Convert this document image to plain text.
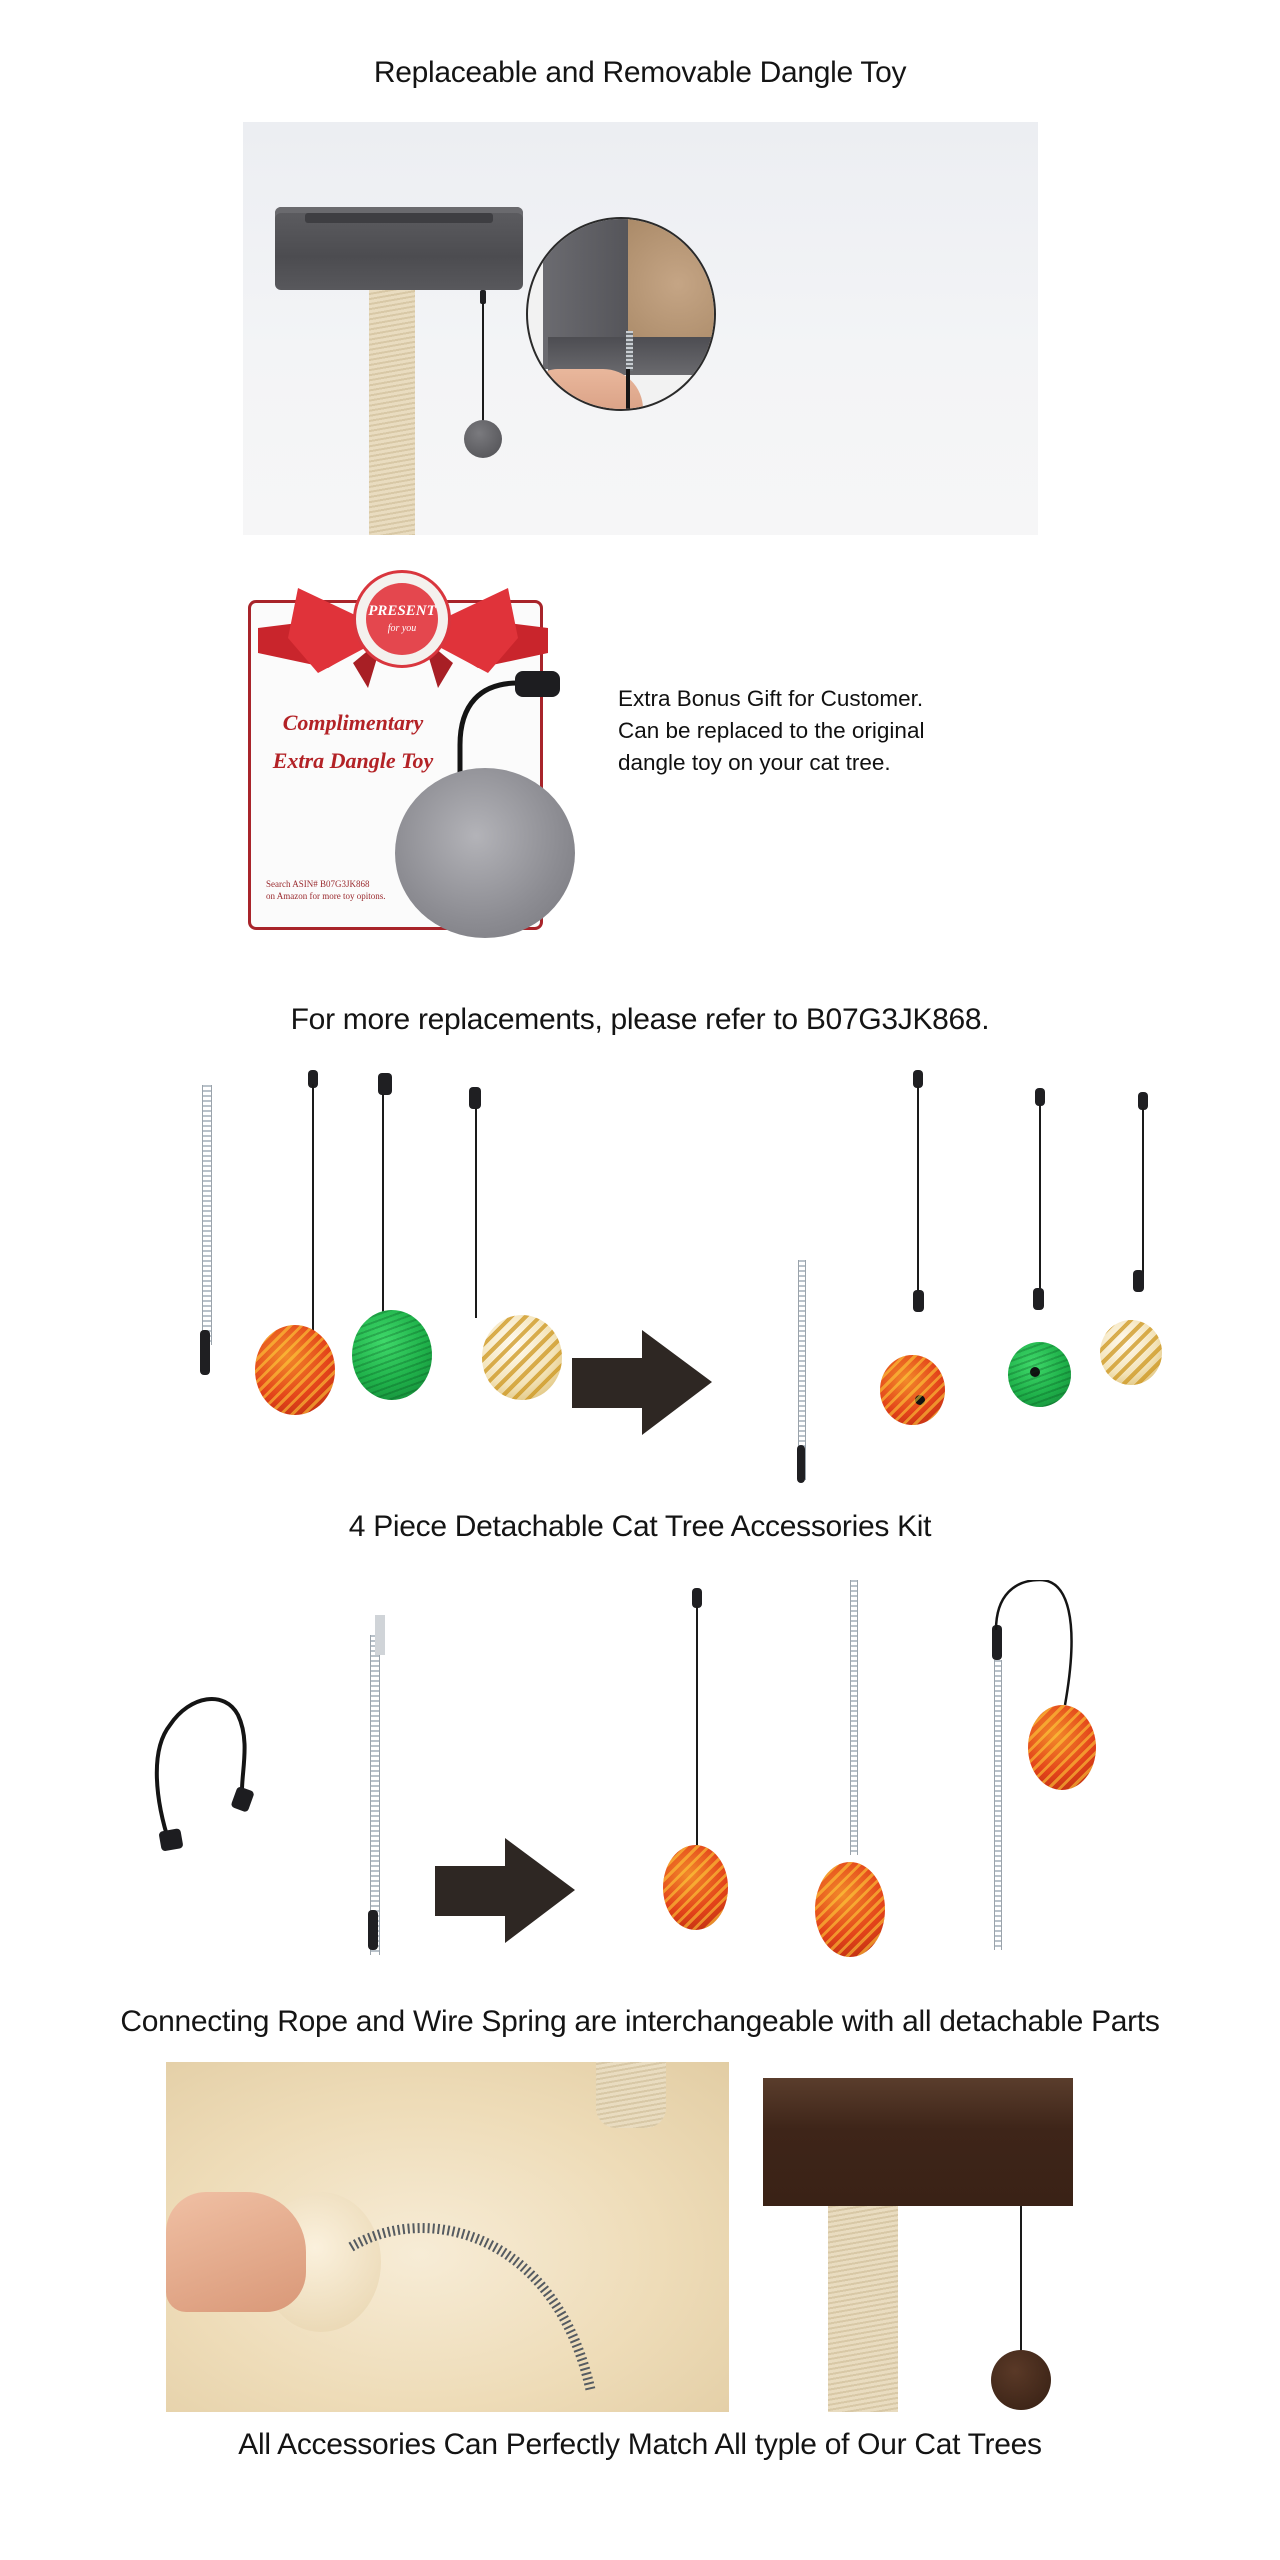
Replaceable and Removable Dangle Toy
PRESENT
for you
Complimentary
Extra Dangle Toy
Search ASIN# B07G3JK868
on Amazon for more toy opitons.
Extra Bonus Gift for Customer.
Can be replaced to the original
dangle toy on your cat tree.
For more replacements, please refer to B07G3JK868.
4 Piece Detachable Cat Tree Accessories Kit
Connecting Rope and Wire Spring are interchangeable with all detachable Parts
All Accessories Can Perfectly Match All typle of Our Cat Trees
